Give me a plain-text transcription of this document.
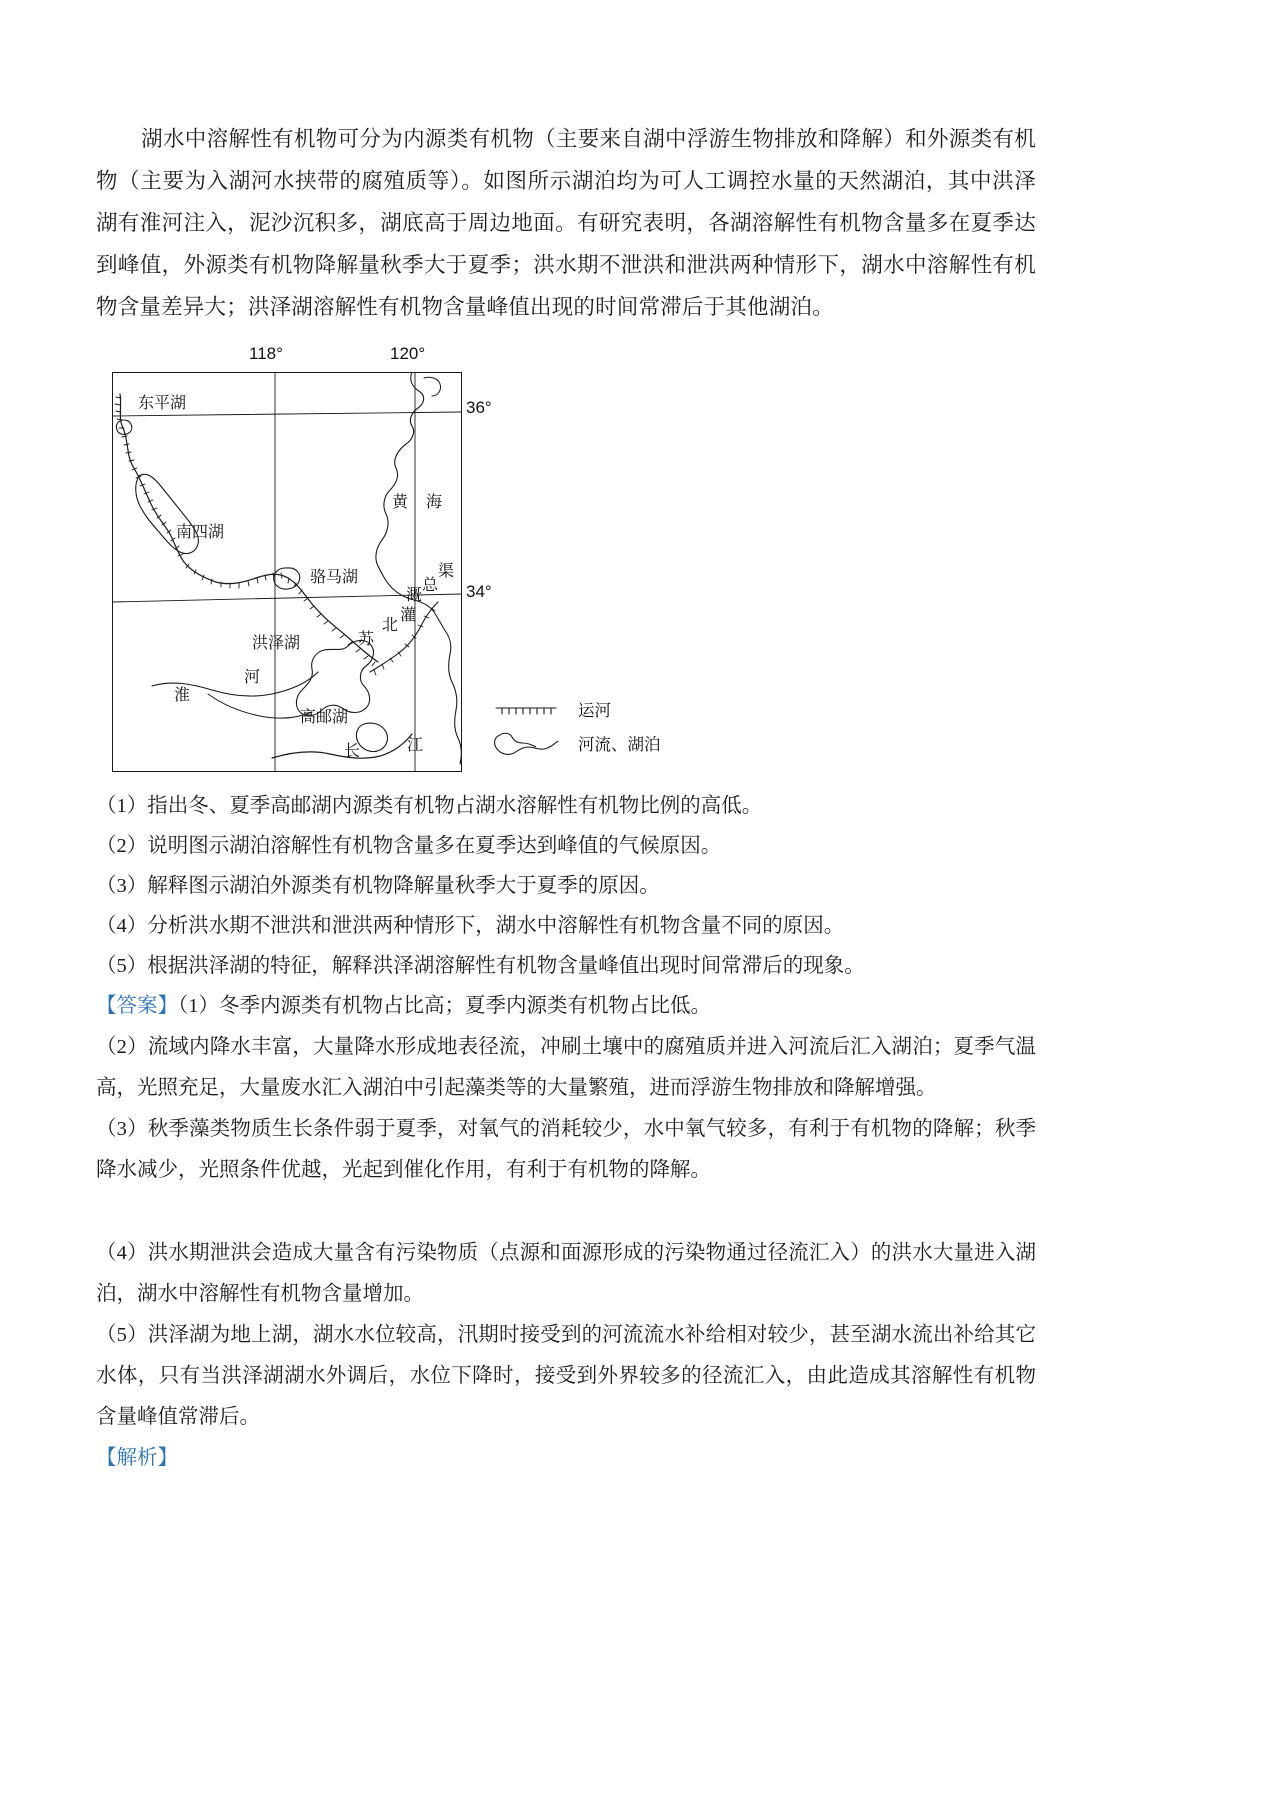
湖水中溶解性有机物可分为内源类有机物（主要来自湖中浮游生物排放和降解）和外源类有机物（主要为入湖河水挟带的腐殖质等）。如图所示湖泊均为可人工调控水量的天然湖泊，其中洪泽湖有淮河注入，泥沙沉积多，湖底高于周边地面。有研究表明，各湖溶解性有机物含量多在夏季达到峰值，外源类有机物降解量秋季大于夏季；洪水期不泄洪和泄洪两种情形下，湖水中溶解性有机物含量差异大；洪泽湖溶解性有机物含量峰值出现的时间常滞后于其他湖泊。

118°	120°
36°
34°
东平湖
南四湖
骆马湖
洪泽湖
高邮湖
黄 海
淮
河
长	江
苏
北
灌
溉
总
渠
运河
河流、湖泊

（1）指出冬、夏季高邮湖内源类有机物占湖水溶解性有机物比例的高低。

（2）说明图示湖泊溶解性有机物含量多在夏季达到峰值的气候原因。

（3）解释图示湖泊外源类有机物降解量秋季大于夏季的原因。

（4）分析洪水期不泄洪和泄洪两种情形下，湖水中溶解性有机物含量不同的原因。

（5）根据洪泽湖的特征，解释洪泽湖溶解性有机物含量峰值出现时间常滞后的现象。

【答案】（1）冬季内源类有机物占比高；夏季内源类有机物占比低。

（2）流域内降水丰富，大量降水形成地表径流，冲刷土壤中的腐殖质并进入河流后汇入湖泊；夏季气温高，光照充足，大量废水汇入湖泊中引起藻类等的大量繁殖，进而浮游生物排放和降解增强。

（3）秋季藻类物质生长条件弱于夏季，对氧气的消耗较少，水中氧气较多，有利于有机物的降解；秋季降水减少，光照条件优越，光起到催化作用，有利于有机物的降解。

（4）洪水期泄洪会造成大量含有污染物质（点源和面源形成的污染物通过径流汇入）的洪水大量进入湖泊，湖水中溶解性有机物含量增加。

（5）洪泽湖为地上湖，湖水水位较高，汛期时接受到的河流流水补给相对较少，甚至湖水流出补给其它水体，只有当洪泽湖湖水外调后，水位下降时，接受到外界较多的径流汇入，由此造成其溶解性有机物含量峰值常滞后。

【解析】
